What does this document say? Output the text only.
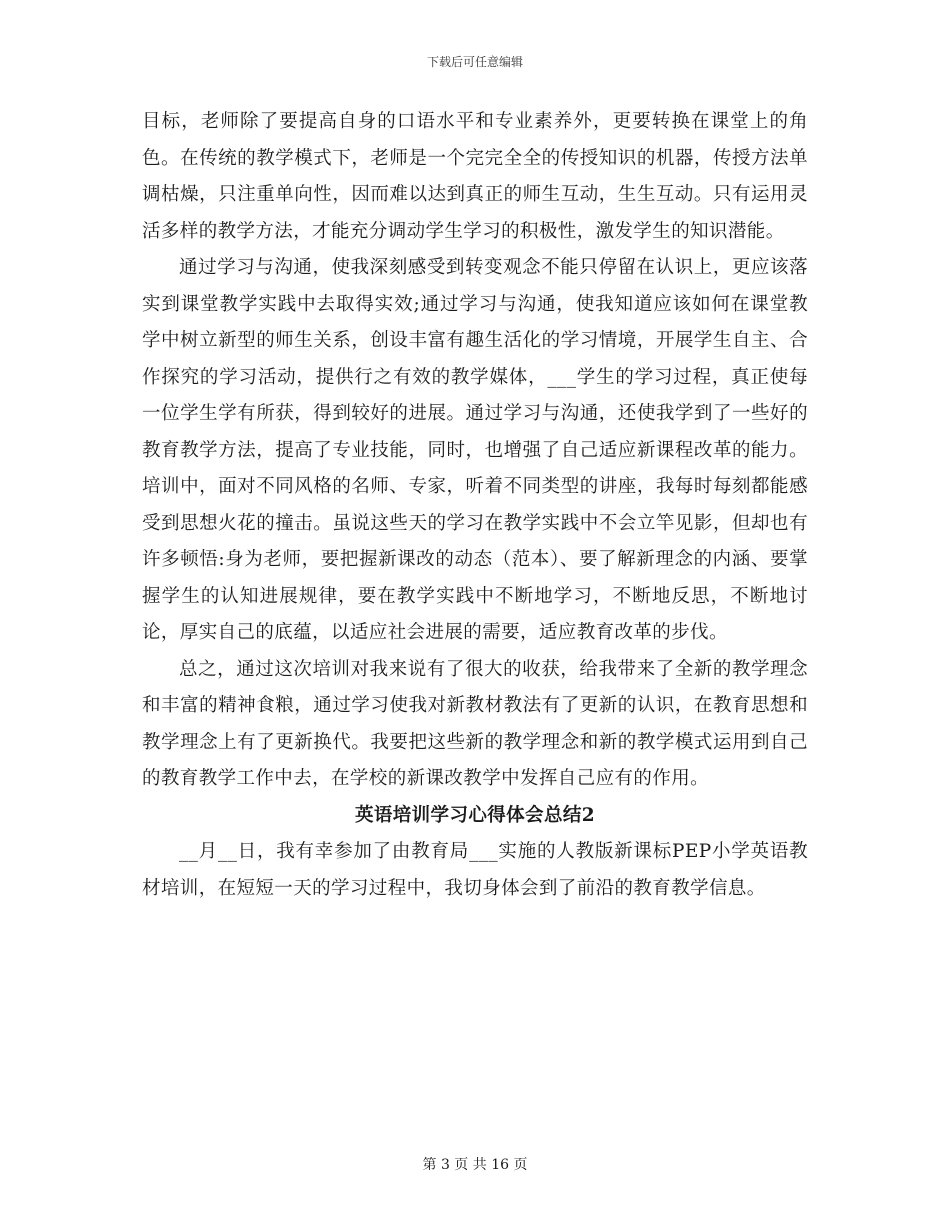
下载后可任意编辑

目标，老师除了要提高自身的口语水平和专业素养外，更要转换在课堂上的角色。在传统的教学模式下，老师是一个完完全全的传授知识的机器，传授方法单调枯燥，只注重单向性，因而难以达到真正的师生互动，生生互动。只有运用灵活多样的教学方法，才能充分调动学生学习的积极性，激发学生的知识潜能。

通过学习与沟通，使我深刻感受到转变观念不能只停留在认识上，更应该落实到课堂教学实践中去取得实效;通过学习与沟通，使我知道应该如何在课堂教学中树立新型的师生关系，创设丰富有趣生活化的学习情境，开展学生自主、合作探究的学习活动，提供行之有效的教学媒体，___学生的学习过程，真正使每一位学生学有所获，得到较好的进展。通过学习与沟通，还使我学到了一些好的教育教学方法，提高了专业技能，同时，也增强了自己适应新课程改革的能力。培训中，面对不同风格的名师、专家，听着不同类型的讲座，我每时每刻都能感受到思想火花的撞击。虽说这些天的学习在教学实践中不会立竿见影，但却也有许多顿悟:身为老师，要把握新课改的动态（范本）、要了解新理念的内涵、要掌握学生的认知进展规律，要在教学实践中不断地学习，不断地反思，不断地讨论，厚实自己的底蕴，以适应社会进展的需要，适应教育改革的步伐。

总之，通过这次培训对我来说有了很大的收获，给我带来了全新的教学理念和丰富的精神食粮，通过学习使我对新教材教法有了更新的认识，在教育思想和教学理念上有了更新换代。我要把这些新的教学理念和新的教学模式运用到自己的教育教学工作中去，在学校的新课改教学中发挥自己应有的作用。

英语培训学习心得体会总结2

__月__日，我有幸参加了由教育局___实施的人教版新课标PEP小学英语教材培训，在短短一天的学习过程中，我切身体会到了前沿的教育教学信息。

第 3 页 共 16 页
